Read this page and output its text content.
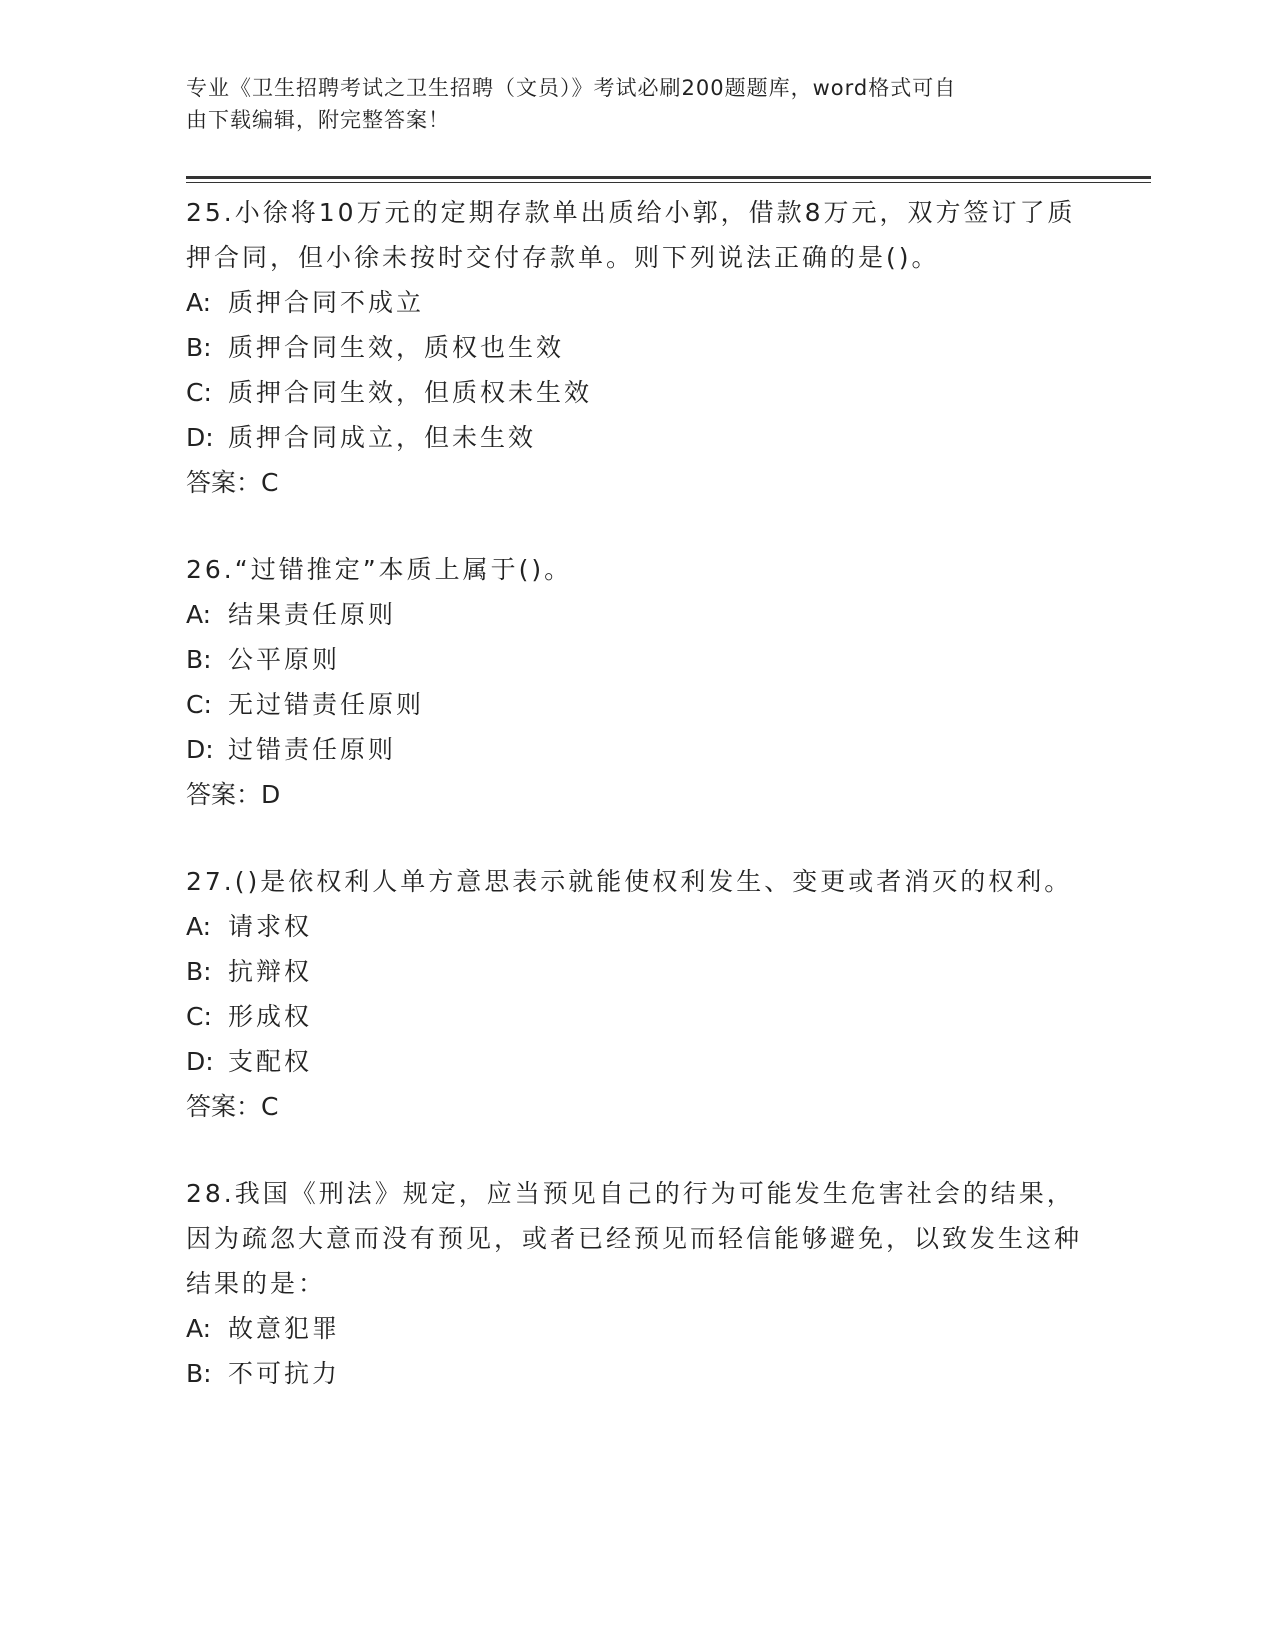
专业《卫生招聘考试之卫生招聘（文员）》考试必刷200题题库，word格式可自
由下载编辑，附完整答案！

25.小徐将10万元的定期存款单出质给小郭，借款8万元，双方签订了质押合同，但小徐未按时交付存款单。则下列说法正确的是()。

A: 质押合同不成立
B: 质押合同生效，质权也生效
C: 质押合同生效，但质权未生效
D: 质押合同成立，但未生效
答案：C

26.“过错推定”本质上属于()。

A: 结果责任原则
B: 公平原则
C: 无过错责任原则
D: 过错责任原则
答案：D

27.()是依权利人单方意思表示就能使权利发生、变更或者消灭的权利。

A: 请求权
B: 抗辩权
C: 形成权
D: 支配权
答案：C

28.我国《刑法》规定，应当预见自己的行为可能发生危害社会的结果，因为疏忽大意而没有预见，或者已经预见而轻信能够避免，以致发生这种结果的是：

A: 故意犯罪
B: 不可抗力
